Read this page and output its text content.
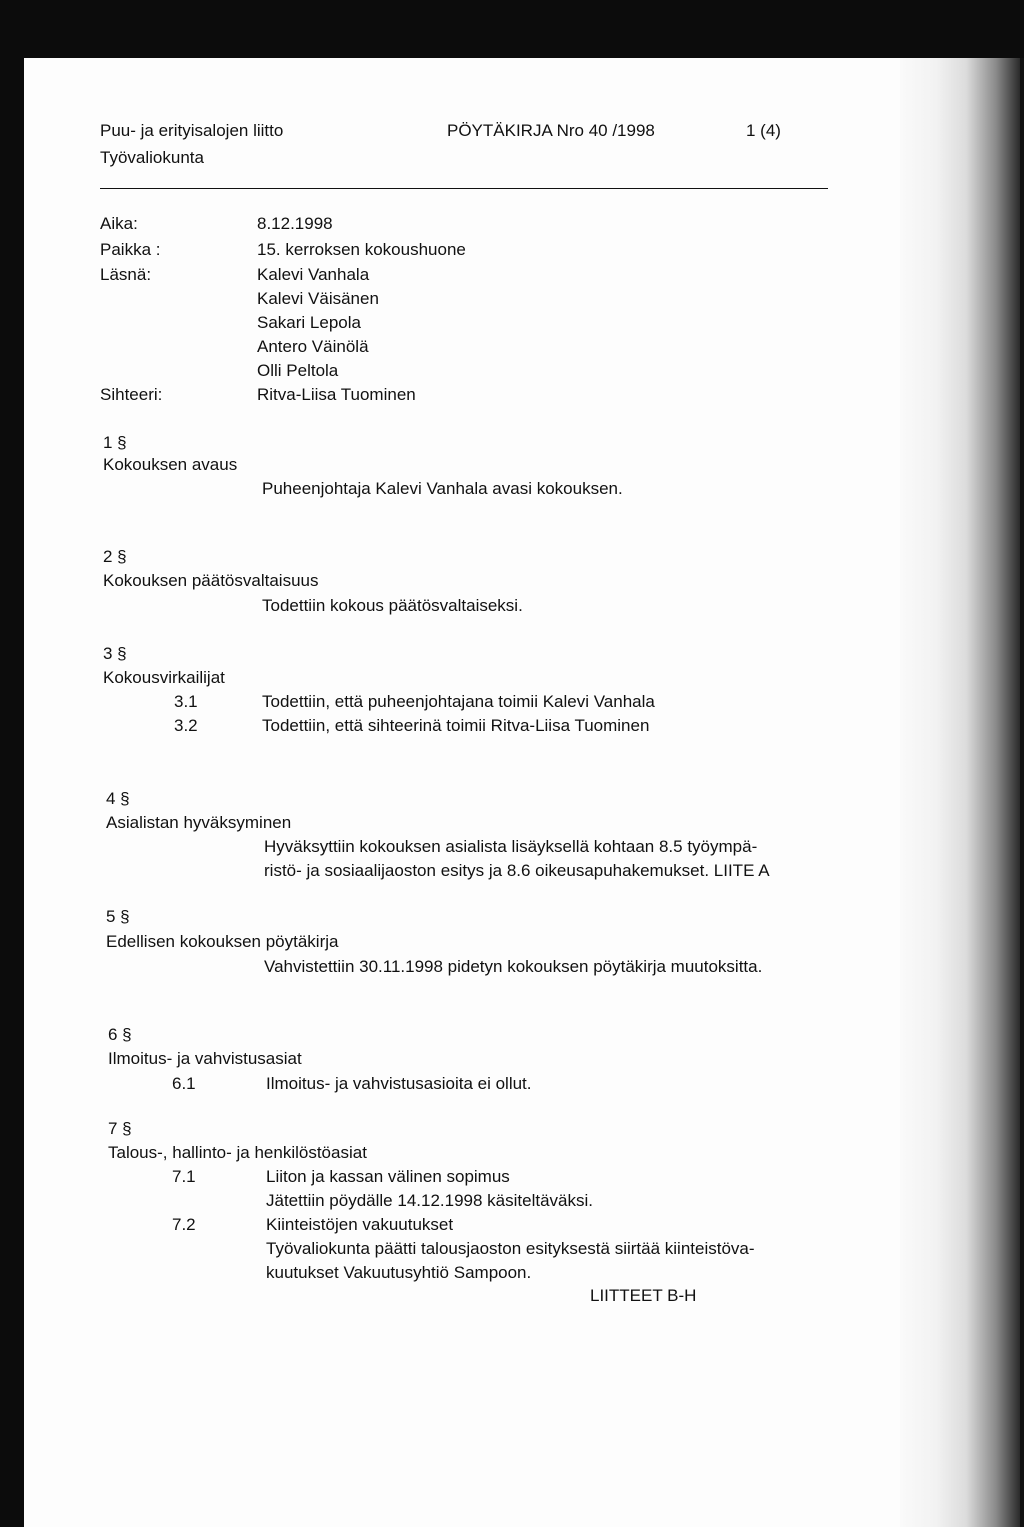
Puu- ja erityisalojen liitto
Työvaliokunta
PÖYTÄKIRJA Nro 40 /1998	1 (4)
Aika:	8.12.1998
Paikka :	15. kerroksen kokoushuone
Läsnä:	Kalevi Vanhala
Kalevi Väisänen
Sakari Lepola
Antero Väinölä
Olli Peltola
Sihteeri:	Ritva-Liisa Tuominen
1 §
Kokouksen avaus
Puheenjohtaja Kalevi Vanhala avasi kokouksen.
2 §
Kokouksen päätösvaltaisuus
Todettiin kokous päätösvaltaiseksi.
3 §
Kokousvirkailijat
3.1	Todettiin, että puheenjohtajana toimii Kalevi Vanhala
3.2	Todettiin, että sihteerinä toimii Ritva-Liisa Tuominen
4 §
Asialistan hyväksyminen
Hyväksyttiin kokouksen asialista lisäyksellä kohtaan 8.5 työympä-
ristö- ja sosiaalijaoston esitys ja 8.6 oikeusapuhakemukset. LIITE A
5 §
Edellisen kokouksen pöytäkirja
Vahvistettiin 30.11.1998 pidetyn kokouksen pöytäkirja muutoksitta.
6 §
Ilmoitus- ja vahvistusasiat
6.1	Ilmoitus- ja vahvistusasioita ei ollut.
7 §
Talous-, hallinto- ja henkilöstöasiat
7.1	Liiton ja kassan välinen sopimus
Jätettiin pöydälle 14.12.1998 käsiteltäväksi.
7.2	Kiinteistöjen vakuutukset
Työvaliokunta päätti talousjaoston esityksestä siirtää kiinteistöva-
kuutukset Vakuutusyhtiö Sampoon.
LIITTEET B-H
